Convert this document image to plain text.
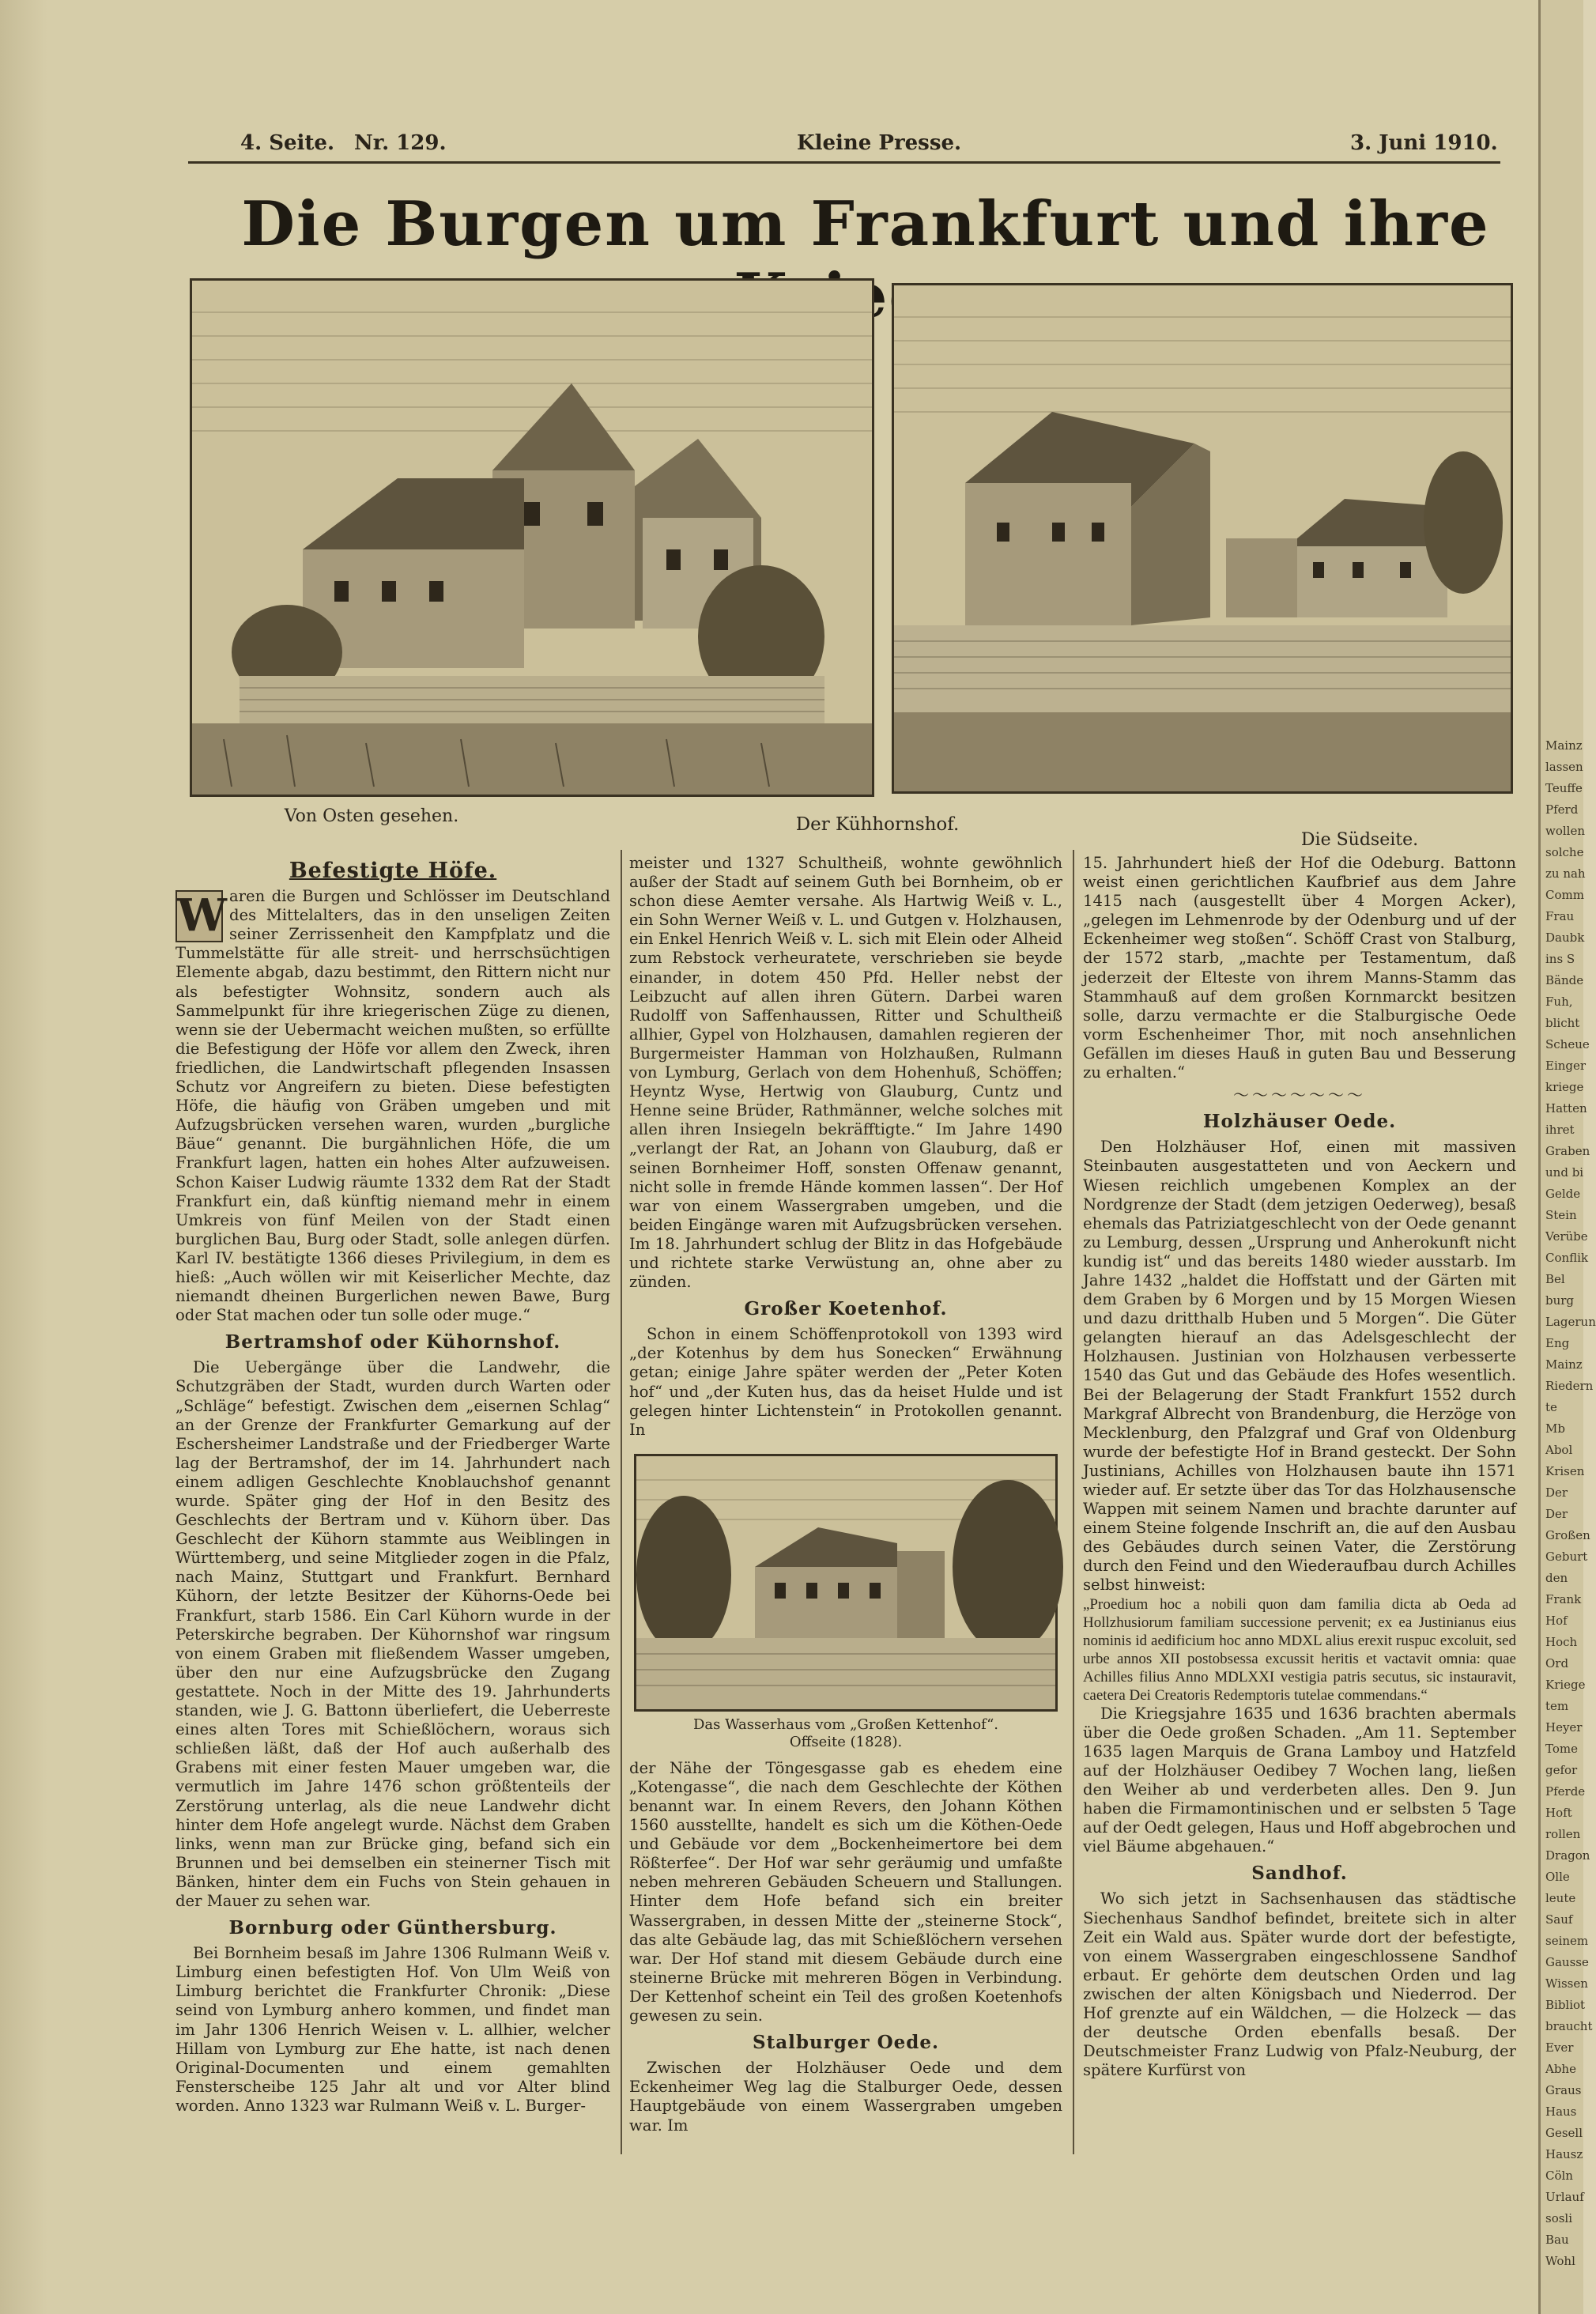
Mainz
lassen
Teuffe
Pferd
wollen
solche
zu nah
Comm
Frau
Daubk
ins S
Bände
Fuh,
blicht
Scheue
Einger
kriege
Hatten
ihret
Graben
und bi
Gelde
Stein
Verübe
Conflik
Bel
burg
Lagerun
Eng
Mainz
Riedern
te
Mb
Abol
Krisen
Der
Der
Großen
Geburt
den
Frank
Hof
Hoch
Ord
Kriege
tem
Heyer
Tome
gefor
Pferde
Hoft
rollen
Dragon
Olle
leute
Sauf
seinem
Gausse
Wissen
Bibliot
braucht
Ever
Abhe
Graus
Haus
Gesell
Hausz
Cöln
Urlauf
sosli
Bau
Wohl
4. Seite. Nr. 129.	Kleine Presse.	3. Juni 1910.
Die Burgen um Frankfurt und ihre
Von Osten gesehen.	Der Kühhornshof.
Die Südseite.
Befestigte Höfe.

W aren die Burgen und Schlösser im Deutschland des Mittelalters, das in den unseligen Zeiten seiner Zerrissenheit den Kampfplatz und die Tummelstätte für alle streit- und herrschsüchtigen Elemente abgab, dazu bestimmt, den Rittern nicht nur als befestigter Wohnsitz, sondern auch als Sammelpunkt für ihre kriegerischen Züge zu dienen, wenn sie der Uebermacht weichen mußten, so erfüllte die Befestigung der Höfe vor allem den Zweck, ihren friedlichen, die Landwirtschaft pflegenden Insassen Schutz vor Angreifern zu bieten. Diese befestigten Höfe, die häufig von Gräben umgeben und mit Aufzugsbrücken versehen waren, wurden „burgliche Bäue“ genannt. Die burgähnlichen Höfe, die um Frankfurt lagen, hatten ein hohes Alter aufzuweisen. Schon Kaiser Ludwig räumte 1332 dem Rat der Stadt Frankfurt ein, daß künftig niemand mehr in einem Umkreis von fünf Meilen von der Stadt einen burglichen Bau, Burg oder Stadt, solle anlegen dürfen. Karl IV. bestätigte 1366 dieses Privilegium, in dem es hieß: „Auch wöllen wir mit Keiserlicher Mechte, daz niemandt dheinen Burgerlichen newen Bawe, Burg oder Stat machen oder tun solle oder muge.“

Bertramshof oder Kühornshof.

Die Uebergänge über die Landwehr, die Schutzgräben der Stadt, wurden durch Warten oder „Schläge“ befestigt. Zwischen dem „eisernen Schlag“ an der Grenze der Frankfurter Gemarkung auf der Eschersheimer Landstraße und der Friedberger Warte lag der Bertramshof, der im 14. Jahrhundert nach einem adligen Geschlechte Knoblauchshof genannt wurde. Später ging der Hof in den Besitz des Geschlechts der Bertram und v. Kühorn über. Das Geschlecht der Kühorn stammte aus Weiblingen in Württemberg, und seine Mitglieder zogen in die Pfalz, nach Mainz, Stuttgart und Frankfurt. Bernhard Kühorn, der letzte Besitzer der Kühorns-Oede bei Frankfurt, starb 1586. Ein Carl Kühorn wurde in der Peterskirche begraben. Der Kühornshof war ringsum von einem Graben mit fließendem Wasser umgeben, über den nur eine Aufzugsbrücke den Zugang gestattete. Noch in der Mitte des 19. Jahrhunderts standen, wie J. G. Battonn überliefert, die Ueberreste eines alten Tores mit Schießlöchern, woraus sich schließen läßt, daß der Hof auch außerhalb des Grabens mit einer festen Mauer umgeben war, die vermutlich im Jahre 1476 schon größtenteils der Zerstörung unterlag, als die neue Landwehr dicht hinter dem Hofe angelegt wurde. Nächst dem Graben links, wenn man zur Brücke ging, befand sich ein Brunnen und bei demselben ein steinerner Tisch mit Bänken, hinter dem ein Fuchs von Stein gehauen in der Mauer zu sehen war.

Bornburg oder Günthersburg.

Bei Bornheim besaß im Jahre 1306 Rulmann Weiß v. Limburg einen befestigten Hof. Von Ulm Weiß von Limburg berichtet die Frankfurter Chronik: „Diese seind von Lymburg anhero kommen, und findet man im Jahr 1306 Henrich Weisen v. L. allhier, welcher Hillam von Lymburg zur Ehe hatte, ist nach denen Original-Documenten und einem gemahlten Fensterscheibe 125 Jahr alt und vor Alter blind worden. Anno 1323 war Rulmann Weiß v. L. Burger-

meister und 1327 Schultheiß, wohnte gewöhnlich außer der Stadt auf seinem Guth bei Bornheim, ob er schon diese Aemter versahe. Als Hartwig Weiß v. L., ein Sohn Werner Weiß v. L. und Gutgen v. Holzhausen, ein Enkel Henrich Weiß v. L. sich mit Elein oder Alheid zum Rebstock verheuratete, verschrieben sie beyde einander, in dotem 450 Pfd. Heller nebst der Leibzucht auf allen ihren Gütern. Darbei waren Rudolff von Saffenhaussen, Ritter und Schultheiß allhier, Gypel von Holzhausen, damahlen regieren der Burgermeister Hamman von Holzhaußen, Rulmann von Lymburg, Gerlach von dem Hohenhuß, Schöffen; Heyntz Wyse, Hertwig von Glauburg, Cuntz und Henne seine Brüder, Rathmänner, welche solches mit allen ihren Insiegeln bekräfftigte.“ Im Jahre 1490 „verlangt der Rat, an Johann von Glauburg, daß er seinen Bornheimer Hoff, sonsten Offenaw genannt, nicht solle in fremde Hände kommen lassen“. Der Hof war von einem Wassergraben umgeben, und die beiden Eingänge waren mit Aufzugsbrücken versehen. Im 18. Jahrhundert schlug der Blitz in das Hofgebäude und richtete starke Verwüstung an, ohne aber zu zünden.

Großer Koetenhof.

Schon in einem Schöffenprotokoll von 1393 wird „der Kotenhus by dem hus Sonecken“ Erwähnung getan; einige Jahre später werden der „Peter Koten hof“ und „der Kuten hus, das da heiset Hulde und ist gelegen hinter Lichtenstein“ in Protokollen genannt. In

Das Wasserhaus vom „Großen Kettenhof“.
Offseite (1828).

der Nähe der Töngesgasse gab es ehedem eine „Kotengasse“, die nach dem Geschlechte der Köthen benannt war. In einem Revers, den Johann Köthen 1560 ausstellte, handelt es sich um die Köthen-Oede und Gebäude vor dem „Bockenheimertore bei dem Rößterfee“. Der Hof war sehr geräumig und umfaßte neben mehreren Gebäuden Scheuern und Stallungen. Hinter dem Hofe befand sich ein breiter Wassergraben, in dessen Mitte der „steinerne Stock“, das alte Gebäude lag, das mit Schießlöchern versehen war. Der Hof stand mit diesem Gebäude durch eine steinerne Brücke mit mehreren Bögen in Verbindung. Der Kettenhof scheint ein Teil des großen Koetenhofs gewesen zu sein.

Stalburger Oede.

Zwischen der Holzhäuser Oede und dem Eckenheimer Weg lag die Stalburger Oede, dessen Hauptgebäude von einem Wassergraben umgeben war. Im

15. Jahrhundert hieß der Hof die Odeburg. Battonn weist einen gerichtlichen Kaufbrief aus dem Jahre 1415 nach (ausgestellt über 4 Morgen Acker), „gelegen im Lehmenrode by der Odenburg und uf der Eckenheimer weg stoßen“. Schöff Crast von Stalburg, der 1572 starb, „machte per Testamentum, daß jederzeit der Elteste von ihrem Manns-Stamm das Stammhauß auf dem großen Kornmarckt besitzen solle, darzu vermachte er die Stalburgische Oede vorm Eschenheimer Thor, mit noch ansehnlichen Gefällen im dieses Hauß in guten Bau und Besserung zu erhalten.“

～～～～～～～
Holzhäuser Oede.

Den Holzhäuser Hof, einen mit massiven Steinbauten ausgestatteten und von Aeckern und Wiesen reichlich umgebenen Komplex an der Nordgrenze der Stadt (dem jetzigen Oederweg), besaß ehemals das Patriziatgeschlecht von der Oede genannt zu Lemburg, dessen „Ursprung und Anherokunft nicht kundig ist“ und das bereits 1480 wieder ausstarb. Im Jahre 1432 „haldet die Hoffstatt und der Gärten mit dem Graben by 6 Morgen und by 15 Morgen Wiesen und dazu dritthalb Huben und 5 Morgen“. Die Güter gelangten hierauf an das Adelsgeschlecht der Holzhausen. Justinian von Holzhausen verbesserte 1540 das Gut und das Gebäude des Hofes wesentlich. Bei der Belagerung der Stadt Frankfurt 1552 durch Markgraf Albrecht von Brandenburg, die Herzöge von Mecklenburg, den Pfalzgraf und Graf von Oldenburg wurde der befestigte Hof in Brand gesteckt. Der Sohn Justinians, Achilles von Holzhausen baute ihn 1571 wieder auf. Er setzte über das Tor das Holzhausensche Wappen mit seinem Namen und brachte darunter auf einem Steine folgende Inschrift an, die auf den Ausbau des Gebäudes durch seinen Vater, die Zerstörung durch den Feind und den Wiederaufbau durch Achilles selbst hinweist:

„Proedium hoc a nobili quon dam familia dicta ab Oeda ad Hollzhusiorum familiam successione pervenit; ex ea Justinianus eius nominis id aedificium hoc anno MDXL alius erexit ruspuc excoluit, sed urbe annos XII postobsessa excussit heritis et vactavit omnia: quae Achilles filius Anno MDLXXI vestigia patris secutus, sic instauravit, caetera Dei Creatoris Redemptoris tutelae commendans.“

Die Kriegsjahre 1635 und 1636 brachten abermals über die Oede großen Schaden. „Am 11. September 1635 lagen Marquis de Grana Lamboy und Hatzfeld auf der Holzhäuser Oedibey 7 Wochen lang, ließen den Weiher ab und verderbeten alles. Den 9. Jun haben die Firmamontinischen und er selbsten 5 Tage auf der Oedt gelegen, Haus und Hoff abgebrochen und viel Bäume abgehauen.“

Sandhof.

Wo sich jetzt in Sachsenhausen das städtische Siechenhaus Sandhof befindet, breitete sich in alter Zeit ein Wald aus. Später wurde dort der befestigte, von einem Wassergraben eingeschlossene Sandhof erbaut. Er gehörte dem deutschen Orden und lag zwischen der alten Königsbach und Niederrod. Der Hof grenzte auf ein Wäldchen, — die Holzeck — das der deutsche Orden ebenfalls besaß. Der Deutschmeister Franz Ludwig von Pfalz-Neuburg, der spätere Kurfürst von
